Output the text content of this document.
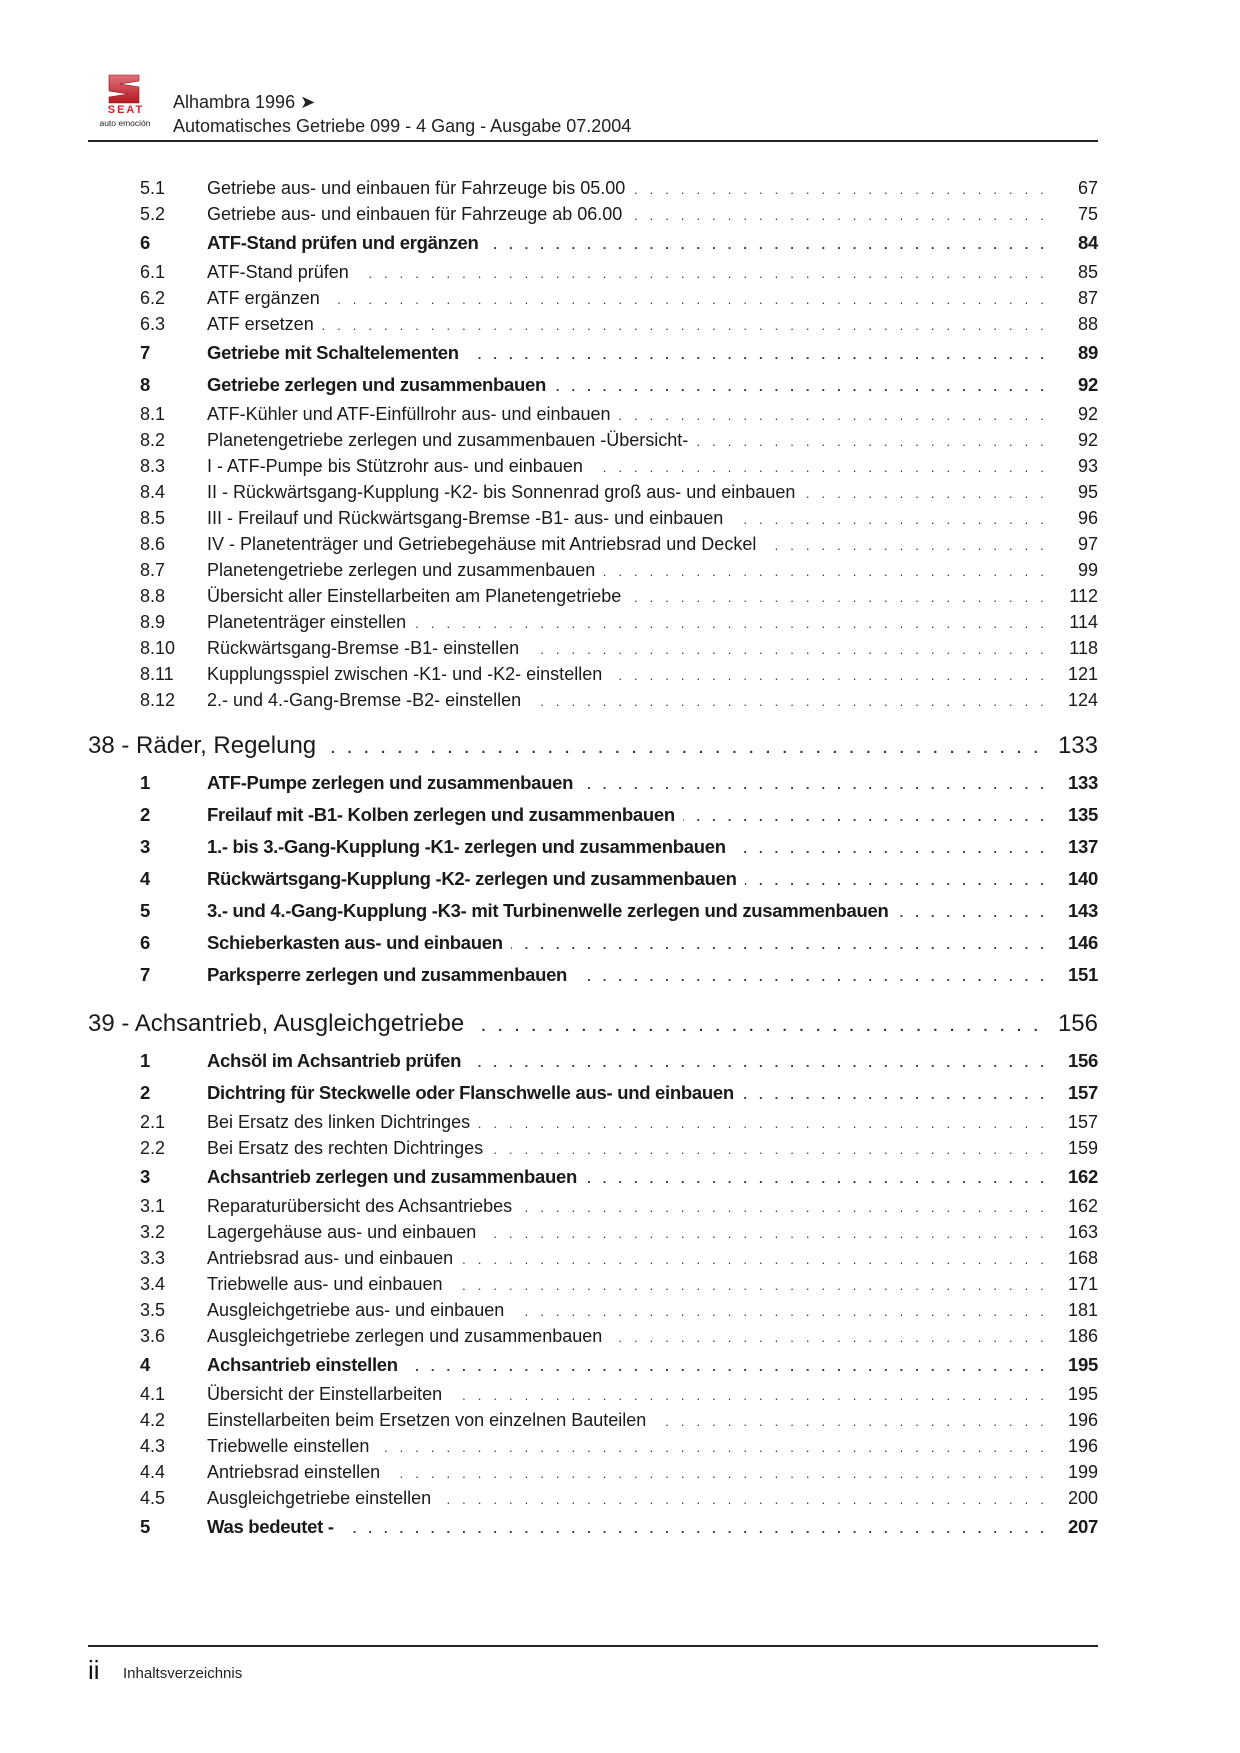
SEAT
auto emoción
Alhambra 1996 ➤
Automatisches Getriebe 099 - 4 Gang - Ausgabe 07.2004
5.1 Getriebe aus- und einbauen für Fahrzeuge bis 05.00 . . .	67
5.2 Getriebe aus- und einbauen für Fahrzeuge ab 06.00 . . .	75
6	ATF-Stand prüfen und ergänzen . . .	84
6.1 ATF-Stand prüfen . . .	85
6.2 ATF ergänzen . . .	87
6.3 ATF ersetzen . . .	88
7	Getriebe mit Schaltelementen . . .	89
8	Getriebe zerlegen und zusammenbauen . . .	92
8.1 ATF-Kühler und ATF-Einfüllrohr aus- und einbauen . . .	92
8.2 Planetengetriebe zerlegen und zusammenbauen -Übersicht- . . .	92
8.3 I - ATF-Pumpe bis Stützrohr aus- und einbauen . . .	93
8.4 II - Rückwärtsgang-Kupplung -K2- bis Sonnenrad groß aus- und einbauen . . .	95
8.5 III - Freilauf und Rückwärtsgang-Bremse -B1- aus- und einbauen . . .	96
8.6 IV - Planetenträger und Getriebegehäuse mit Antriebsrad und Deckel . . .	97
8.7 Planetengetriebe zerlegen und zusammenbauen . . .	99
8.8 Übersicht aller Einstellarbeiten am Planetengetriebe . . .	112
8.9 Planetenträger einstellen . . .	114
8.10 Rückwärtsgang-Bremse -B1- einstellen . . .	118
8.11 Kupplungsspiel zwischen -K1- und -K2- einstellen . . .	121
8.12 2.- und 4.-Gang-Bremse -B2- einstellen . . .	124
38 - Räder, Regelung . . .	133
1	ATF-Pumpe zerlegen und zusammenbauen . . .	133
2	Freilauf mit -B1- Kolben zerlegen und zusammenbauen . . .	135
3	1.- bis 3.-Gang-Kupplung -K1- zerlegen und zusammenbauen . . .	137
4	Rückwärtsgang-Kupplung -K2- zerlegen und zusammenbauen . . .	140
5	3.- und 4.-Gang-Kupplung -K3- mit Turbinenwelle zerlegen und zusammenbauen . . .	143
6	Schieberkasten aus- und einbauen . . .	146
7	Parksperre zerlegen und zusammenbauen . . .	151
39 - Achsantrieb, Ausgleichgetriebe . . .	156
1	Achsöl im Achsantrieb prüfen . . .	156
2	Dichtring für Steckwelle oder Flanschwelle aus- und einbauen . . .	157
2.1 Bei Ersatz des linken Dichtringes . . .	157
2.2 Bei Ersatz des rechten Dichtringes . . .	159
3	Achsantrieb zerlegen und zusammenbauen . . .	162
3.1 Reparaturübersicht des Achsantriebes . . .	162
3.2 Lagergehäuse aus- und einbauen . . .	163
3.3 Antriebsrad aus- und einbauen . . .	168
3.4 Triebwelle aus- und einbauen . . .	171
3.5 Ausgleichgetriebe aus- und einbauen . . .	181
3.6 Ausgleichgetriebe zerlegen und zusammenbauen . . .	186
4	Achsantrieb einstellen . . .	195
4.1 Übersicht der Einstellarbeiten . . .	195
4.2 Einstellarbeiten beim Ersetzen von einzelnen Bauteilen . . .	196
4.3 Triebwelle einstellen . . .	196
4.4 Antriebsrad einstellen . . .	199
4.5 Ausgleichgetriebe einstellen . . .	200
5	Was bedeutet - . . .	207
ii Inhaltsverzeichnis
